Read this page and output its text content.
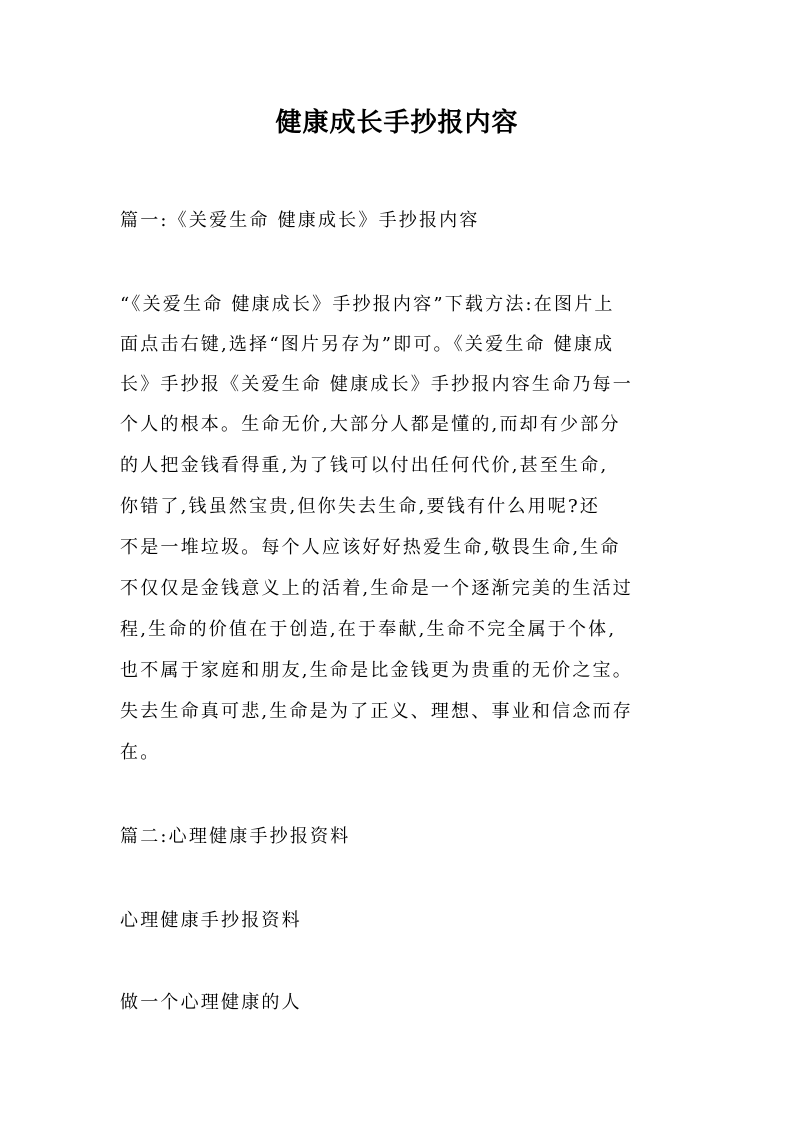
健康成长手抄报内容
篇一:《关爱生命 健康成长》手抄报内容
“《关爱生命 健康成长》手抄报内容”下载方法:在图片上
面点击右键,选择“图片另存为”即可。《关爱生命 健康成
长》手抄报《关爱生命 健康成长》手抄报内容生命乃每一
个人的根本。生命无价,大部分人都是懂的,而却有少部分
的人把金钱看得重,为了钱可以付出任何代价,甚至生命,
你错了,钱虽然宝贵,但你失去生命,要钱有什么用呢?还
不是一堆垃圾。每个人应该好好热爱生命,敬畏生命,生命
不仅仅是金钱意义上的活着,生命是一个逐渐完美的生活过
程,生命的价值在于创造,在于奉献,生命不完全属于个体,
也不属于家庭和朋友,生命是比金钱更为贵重的无价之宝。
失去生命真可悲,生命是为了正义、理想、事业和信念而存
在。
篇二:心理健康手抄报资料
心理健康手抄报资料
做一个心理健康的人
